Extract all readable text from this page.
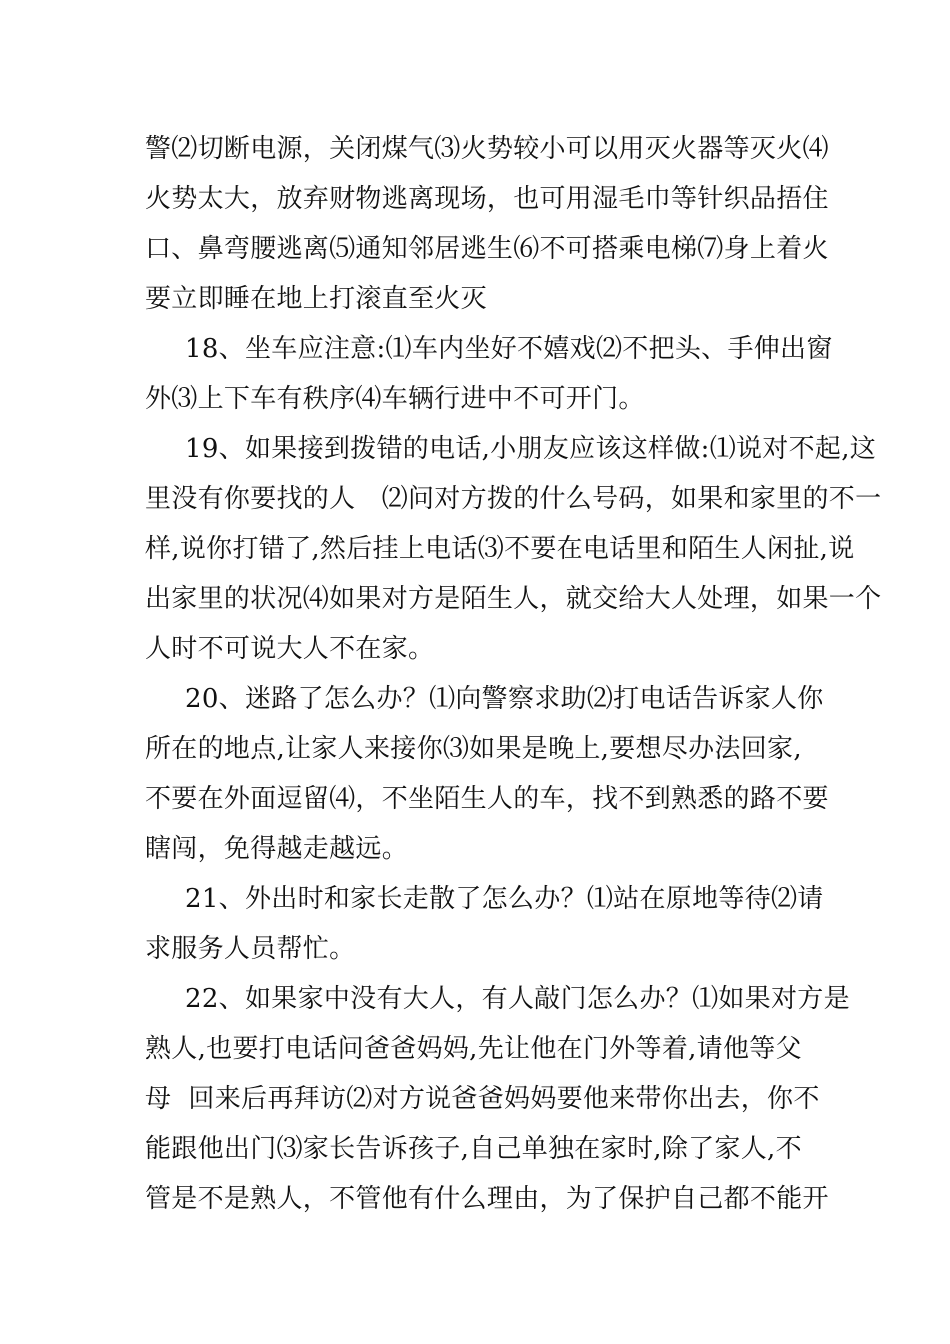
警⑵切断电源，关闭煤气⑶火势较小可以用灭火器等灭火⑷
火势太大，放弃财物逃离现场，也可用湿毛巾等针织品捂住
口、鼻弯腰逃离⑸通知邻居逃生⑹不可搭乘电梯⑺身上着火
要立即睡在地上打滚直至火灭
18、坐车应注意:⑴车内坐好不嬉戏⑵不把头、手伸出窗
外⑶上下车有秩序⑷车辆行进中不可开门。
19、如果接到拨错的电话,小朋友应该这样做:⑴说对不起,这
里没有你要找的人　⑵问对方拨的什么号码，如果和家里的不一
样,说你打错了,然后挂上电话⑶不要在电话里和陌生人闲扯,说
出家里的状况⑷如果对方是陌生人，就交给大人处理，如果一个
人时不可说大人不在家。
20、迷路了怎么办？⑴向警察求助⑵打电话告诉家人你
所在的地点,让家人来接你⑶如果是晚上,要想尽办法回家,
不要在外面逗留⑷，不坐陌生人的车，找不到熟悉的路不要
瞎闯，免得越走越远。
21、外出时和家长走散了怎么办？⑴站在原地等待⑵请
求服务人员帮忙。
22、如果家中没有大人，有人敲门怎么办？⑴如果对方是
熟人,也要打电话问爸爸妈妈,先让他在门外等着,请他等父
母  回来后再拜访⑵对方说爸爸妈妈要他来带你出去，你不
能跟他出门⑶家长告诉孩子,自己单独在家时,除了家人,不
管是不是熟人，不管他有什么理由，为了保护自己都不能开
